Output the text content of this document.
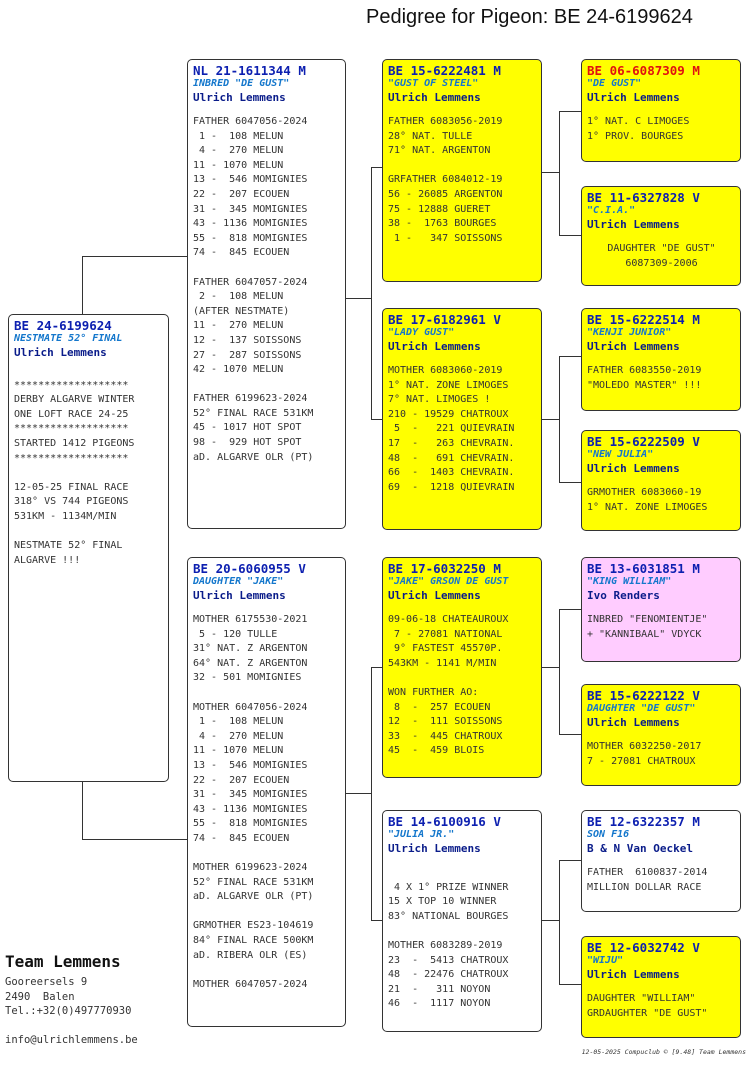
Pedigree for Pigeon: BE 24-6199624
BE 24-6199624
NESTMATE 52° FINAL
Ulrich Lemmens

*******************
DERBY ALGARVE WINTER
ONE LOFT RACE 24-25
*******************
STARTED 1412 PIGEONS
*******************

12-05-25 FINAL RACE
318° VS 744 PIGEONS
531KM - 1134M/MIN

NESTMATE 52° FINAL
ALGARVE !!!
NL 21-1611344 M
INBRED "DE GUST"
Ulrich Lemmens
FATHER 6047056-2024
1 -  108 MELUN
4 -  270 MELUN
11 - 1070 MELUN
13 -  546 MOMIGNIES
22 -  207 ECOUEN
31 -  345 MOMIGNIES
43 - 1136 MOMIGNIES
55 -  818 MOMIGNIES
74 -  845 ECOUEN

FATHER 6047057-2024
2 -  108 MELUN
(AFTER NESTMATE)
11 -  270 MELUN
12 -  137 SOISSONS
27 -  287 SOISSONS
42 - 1070 MELUN

FATHER 6199623-2024
52° FINAL RACE 531KM
45 - 1017 HOT SPOT
98 -  929 HOT SPOT
aD. ALGARVE OLR (PT)
BE 20-6060955 V
DAUGHTER "JAKE"
Ulrich Lemmens
MOTHER 6175530-2021
5 - 120 TULLE
31° NAT. Z ARGENTON
64° NAT. Z ARGENTON
32 - 501 MOMIGNIES

MOTHER 6047056-2024
1 -  108 MELUN
4 -  270 MELUN
11 - 1070 MELUN
13 -  546 MOMIGNIES
22 -  207 ECOUEN
31 -  345 MOMIGNIES
43 - 1136 MOMIGNIES
55 -  818 MOMIGNIES
74 -  845 ECOUEN

MOTHER 6199623-2024
52° FINAL RACE 531KM
aD. ALGARVE OLR (PT)

GRMOTHER ES23-104619
84° FINAL RACE 500KM
aD. RIBERA OLR (ES)

MOTHER 6047057-2024
BE 15-6222481 M
"GUST OF STEEL"
Ulrich Lemmens
FATHER 6083056-2019
28° NAT. TULLE
71° NAT. ARGENTON

GRFATHER 6084012-19
56 - 26085 ARGENTON
75 - 12888 GUERET
38 -  1763 BOURGES
1 -   347 SOISSONS
BE 17-6182961 V
"LADY GUST"
Ulrich Lemmens
MOTHER 6083060-2019
1° NAT. ZONE LIMOGES
7° NAT. LIMOGES !
210 - 19529 CHATROUX
5  -   221 QUIEVRAIN
17  -   263 CHEVRAIN.
48  -   691 CHEVRAIN.
66  -  1403 CHEVRAIN.
69  -  1218 QUIEVRAIN
BE 17-6032250 M
"JAKE" GRSON DE GUST
Ulrich Lemmens
09-06-18 CHATEAUROUX
7 - 27081 NATIONAL
9° FASTEST 45570P.
543KM - 1141 M/MIN

WON FURTHER AO:
8  -  257 ECOUEN
12  -  111 SOISSONS
33  -  445 CHATROUX
45  -  459 BLOIS
BE 14-6100916 V
"JULIA JR."
Ulrich Lemmens

4 X 1° PRIZE WINNER
15 X TOP 10 WINNER
83° NATIONAL BOURGES

MOTHER 6083289-2019
23  -  5413 CHATROUX
48  - 22476 CHATROUX
21  -   311 NOYON
46  -  1117 NOYON
BE 06-6087309 M
"DE GUST"
Ulrich Lemmens
1° NAT. C LIMOGES
1° PROV. BOURGES
BE 11-6327828 V
"C.I.A."
Ulrich Lemmens
DAUGHTER "DE GUST"
6087309-2006
BE 15-6222514 M
"KENJI JUNIOR"
Ulrich Lemmens
FATHER 6083550-2019
"MOLEDO MASTER" !!!
BE 15-6222509 V
"NEW JULIA"
Ulrich Lemmens
GRMOTHER 6083060-19
1° NAT. ZONE LIMOGES
BE 13-6031851 M
"KING WILLIAM"
Ivo Renders
INBRED "FENOMIENTJE"
+ "KANNIBAAL" VDYCK
BE 15-6222122 V
DAUGHTER "DE GUST"
Ulrich Lemmens
MOTHER 6032250-2017
7 - 27081 CHATROUX
BE 12-6322357 M
SON F16
B & N Van Oeckel
FATHER  6100837-2014
MILLION DOLLAR RACE
BE 12-6032742 V
"WIJU"
Ulrich Lemmens
DAUGHTER "WILLIAM"
GRDAUGHTER "DE GUST"
Team Lemmens
Gooreersels 9
2490  Balen
Tel.:+32(0)497770930
info@ulrichlemmens.be
12-05-2025 Compuclub © [9.48] Team Lemmens
